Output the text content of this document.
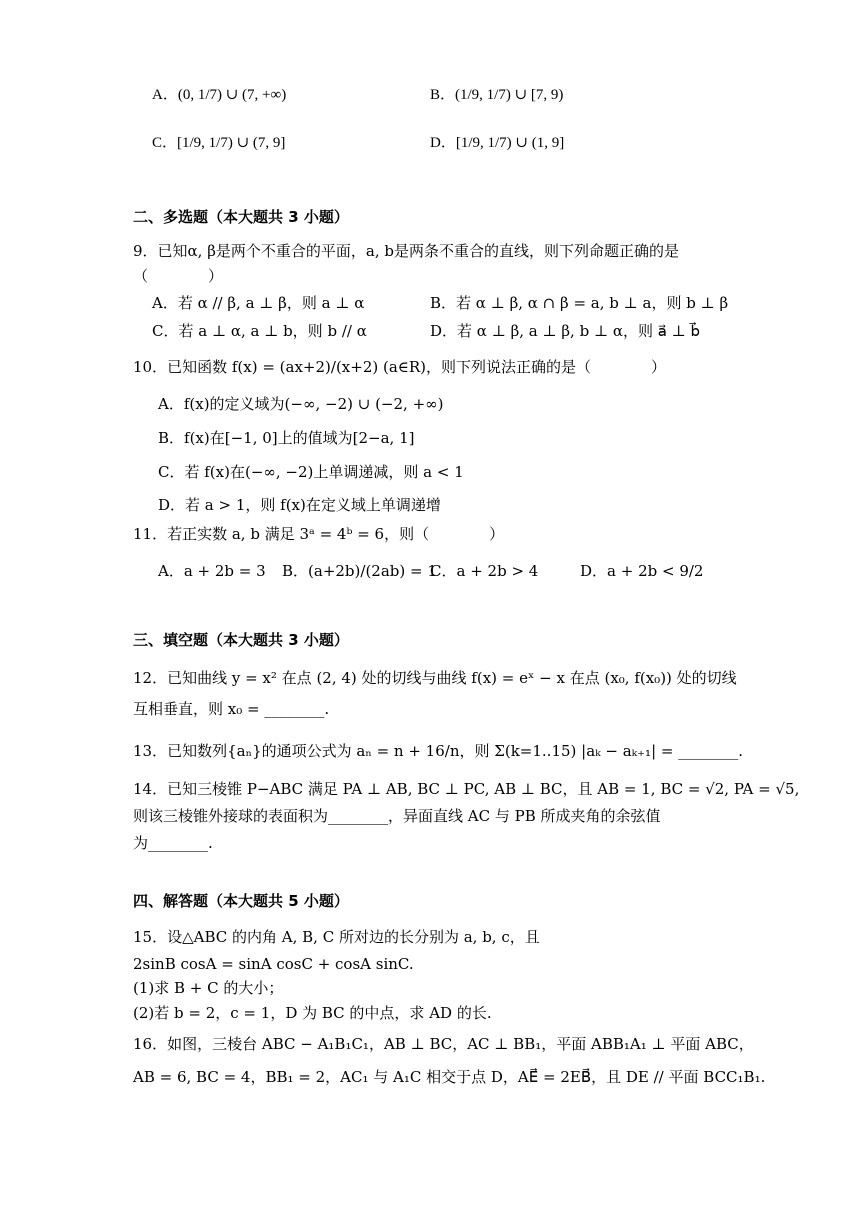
A．(0, 1/7) ∪ (7, +∞)	B．(1/9, 1/7) ∪ [7, 9)
C．[1/9, 1/7) ∪ (7, 9]	D．[1/9, 1/7) ∪ (1, 9]
二、多选题（本大题共 3 小题）
9．已知α, β是两个不重合的平面，a, b是两条不重合的直线，则下列命题正确的是
（　　　　）
A．若 α // β, a ⊥ β，则 a ⊥ α	B．若 α ⊥ β, α ∩ β = a, b ⊥ a，则 b ⊥ β
C．若 a ⊥ α, a ⊥ b，则 b // α	D．若 α ⊥ β, a ⊥ β, b ⊥ α，则 a⃗ ⊥ b⃗
10．已知函数 f(x) = (ax+2)/(x+2) (a∈R)，则下列说法正确的是（　　　　）
A．f(x)的定义域为(−∞, −2) ∪ (−2, +∞)
B．f(x)在[−1, 0]上的值域为[2−a, 1]
C．若 f(x)在(−∞, −2)上单调递减，则 a < 1
D．若 a > 1，则 f(x)在定义域上单调递增
11．若正实数 a, b 满足 3ᵃ = 4ᵇ = 6，则（　　　　）
A．a + 2b = 3 B．(a+2b)/(2ab) = 1
C．a + 2b > 4	D．a + 2b < 9/2
三、填空题（本大题共 3 小题）
12．已知曲线 y = x² 在点 (2, 4) 处的切线与曲线 f(x) = eˣ − x 在点 (x₀, f(x₀)) 处的切线
互相垂直，则 x₀ = ________.
13．已知数列{aₙ}的通项公式为 aₙ = n + 16/n，则 Σ(k=1..15) |aₖ − aₖ₊₁| = ________.
14．已知三棱锥 P−ABC 满足 PA ⊥ AB, BC ⊥ PC, AB ⊥ BC，且 AB = 1, BC = √2, PA = √5,
则该三棱锥外接球的表面积为________，异面直线 AC 与 PB 所成夹角的余弦值
为________.
四、解答题（本大题共 5 小题）
15．设△ABC 的内角 A, B, C 所对边的长分别为 a, b, c，且
2sinB cosA = sinA cosC + cosA sinC.
(1)求 B + C 的大小；
(2)若 b = 2，c = 1，D 为 BC 的中点，求 AD 的长.
16．如图，三棱台 ABC − A₁B₁C₁，AB ⊥ BC，AC ⊥ BB₁，平面 ABB₁A₁ ⊥ 平面 ABC，
AB = 6, BC = 4，BB₁ = 2，AC₁ 与 A₁C 相交于点 D，AE⃗ = 2EB⃗，且 DE // 平面 BCC₁B₁.
